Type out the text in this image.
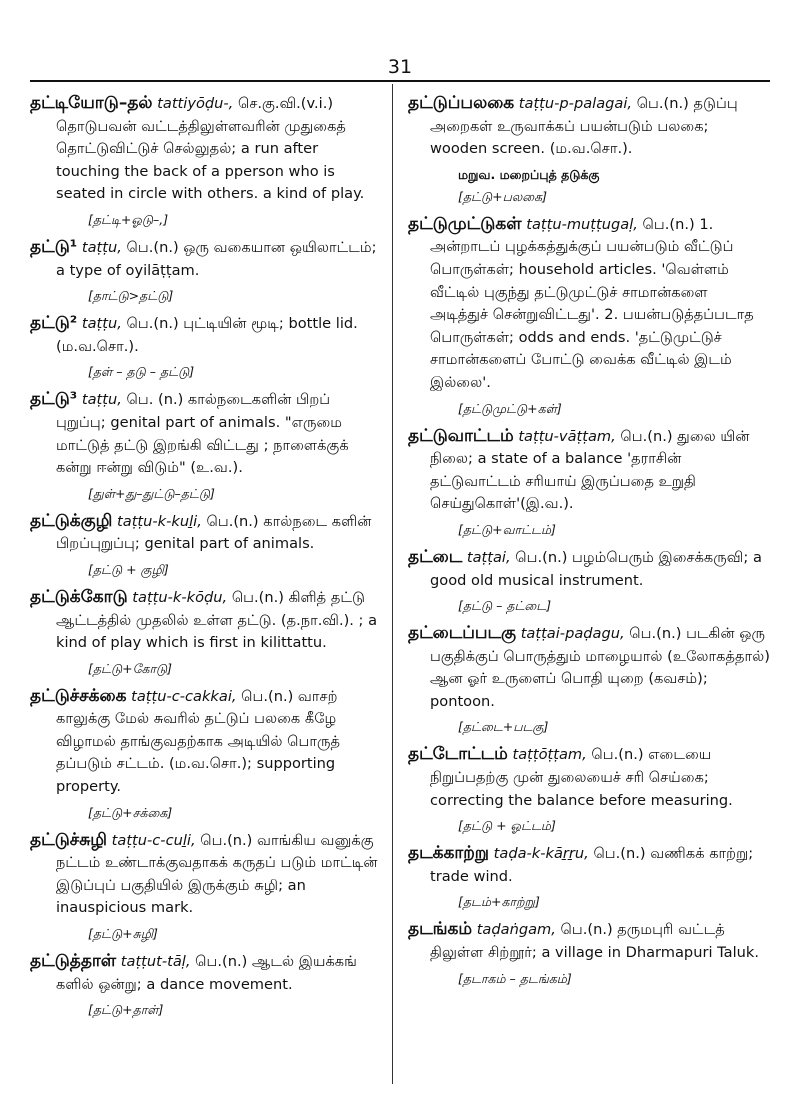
31

தட்டியோடு–தல் tattiyōḍu-, செ.கு.வி.(v.i.) தொடுபவன் வட்டத்திலுள்ளவரின் முதுகைத் தொட்டுவிட்டுச் செல்லுதல்; a run after touching the back of a pperson who is seated in circle with others. a kind of play.

[தட்டி+ஓடு–,]

தட்டு¹ taṭṭu, பெ.(n.) ஒரு வகையான ஒயிலாட்டம்; a type of oyilāṭṭam.

[தாட்டு>தட்டு]

தட்டு² taṭṭu, பெ.(n.) புட்டியின் மூடி; bottle lid. (ம.வ.சொ.).

[தள் – தடு – தட்டு]

தட்டு³ taṭṭu, பெ. (n.) கால்நடைகளின் பிறப் புறுப்பு; genital part of animals. "எருமை மாட்டுத் தட்டு இறங்கி விட்டது ; நாளைக்குக் கன்று ஈன்று விடும்" (உ.வ.).

[துள்+து–துட்டு–தட்டு]

தட்டுக்குழி taṭṭu-k-kuḻi, பெ.(n.) கால்நடை களின் பிறப்புறுப்பு; genital part of animals.

[தட்டு + குழி]

தட்டுக்கோடு taṭṭu-k-kōḍu, பெ.(n.) கிளித் தட்டு ஆட்டத்தில் முதலில் உள்ள தட்டு. (த.நா.வி.). ; a kind of play which is first in kilittattu.

[தட்டு+கோடு]

தட்டுச்சக்கை taṭṭu-c-cakkai, பெ.(n.) வாசற் காலுக்கு மேல் சுவரில் தட்டுப் பலகை கீழே விழாமல் தாங்குவதற்காக அடியில் பொருத் தப்படும் சட்டம். (ம.வ.சொ.); supporting property.

[தட்டு+சக்கை]

தட்டுச்சுழி taṭṭu-c-cuḻi, பெ.(n.) வாங்கிய வனுக்கு நட்டம் உண்டாக்குவதாகக் கருதப் படும் மாட்டின் இடுப்புப் பகுதியில் இருக்கும் சுழி; an inauspicious mark.

[தட்டு+சுழி]

தட்டுத்தாள் taṭṭut-tāḷ, பெ.(n.) ஆடல் இயக்கங் களில் ஒன்று; a dance movement.

[தட்டு+தாள்]

தட்டுப்பலகை taṭṭu-p-palagai, பெ.(n.) தடுப்பு அறைகள் உருவாக்கப் பயன்படும் பலகை; wooden screen. (ம.வ.சொ.).

மறுவ. மறைப்புத் தடுக்கு
[தட்டு+பலகை]

தட்டுமுட்டுகள் taṭṭu-muṭṭugaḷ, பெ.(n.) 1. அன்றாடப் புழக்கத்துக்குப் பயன்படும் வீட்டுப் பொருள்கள்; household articles. 'வெள்ளம் வீட்டில் புகுந்து தட்டுமுட்டுச் சாமான்களை அடித்துச் சென்றுவிட்டது'. 2. பயன்படுத்தப்படாத பொருள்கள்; odds and ends. 'தட்டுமுட்டுச் சாமான்களைப் போட்டு வைக்க வீட்டில் இடம் இல்லை'.

[தட்டுமுட்டு+கள்]

தட்டுவாட்டம் taṭṭu-vāṭṭam, பெ.(n.) துலை யின் நிலை; a state of a balance 'தராசின் தட்டுவாட்டம் சரியாய் இருப்பதை உறுதி செய்துகொள்'(இ.வ.).

[தட்டு+வாட்டம்]

தட்டை taṭṭai, பெ.(n.) பழம்பெரும் இசைக்கருவி; a good old musical instrument.

[தட்டு – தட்டை]

தட்டைப்படகு taṭṭai-paḍagu, பெ.(n.) படகின் ஒரு பகுதிக்குப் பொருத்தும் மாழையால் (உலோகத்தால்) ஆன ஓர் உருளைப் பொதி யுறை (கவசம்); pontoon.

[தட்டை+படகு]

தட்டோட்டம் taṭṭōṭṭam, பெ.(n.) எடையை நிறுப்பதற்கு முன் துலையைச் சரி செய்கை; correcting the balance before measuring.

[தட்டு + ஓட்டம்]

தடக்காற்று taḍa-k-kāṟṟu, பெ.(n.) வணிகக் காற்று; trade wind.

[தடம்+காற்று]

தடங்கம் taḍaṅgam, பெ.(n.) தருமபுரி வட்டத் திலுள்ள சிற்றூர்; a village in Dharmapuri Taluk.

[தடாகம் – தடங்கம்]
